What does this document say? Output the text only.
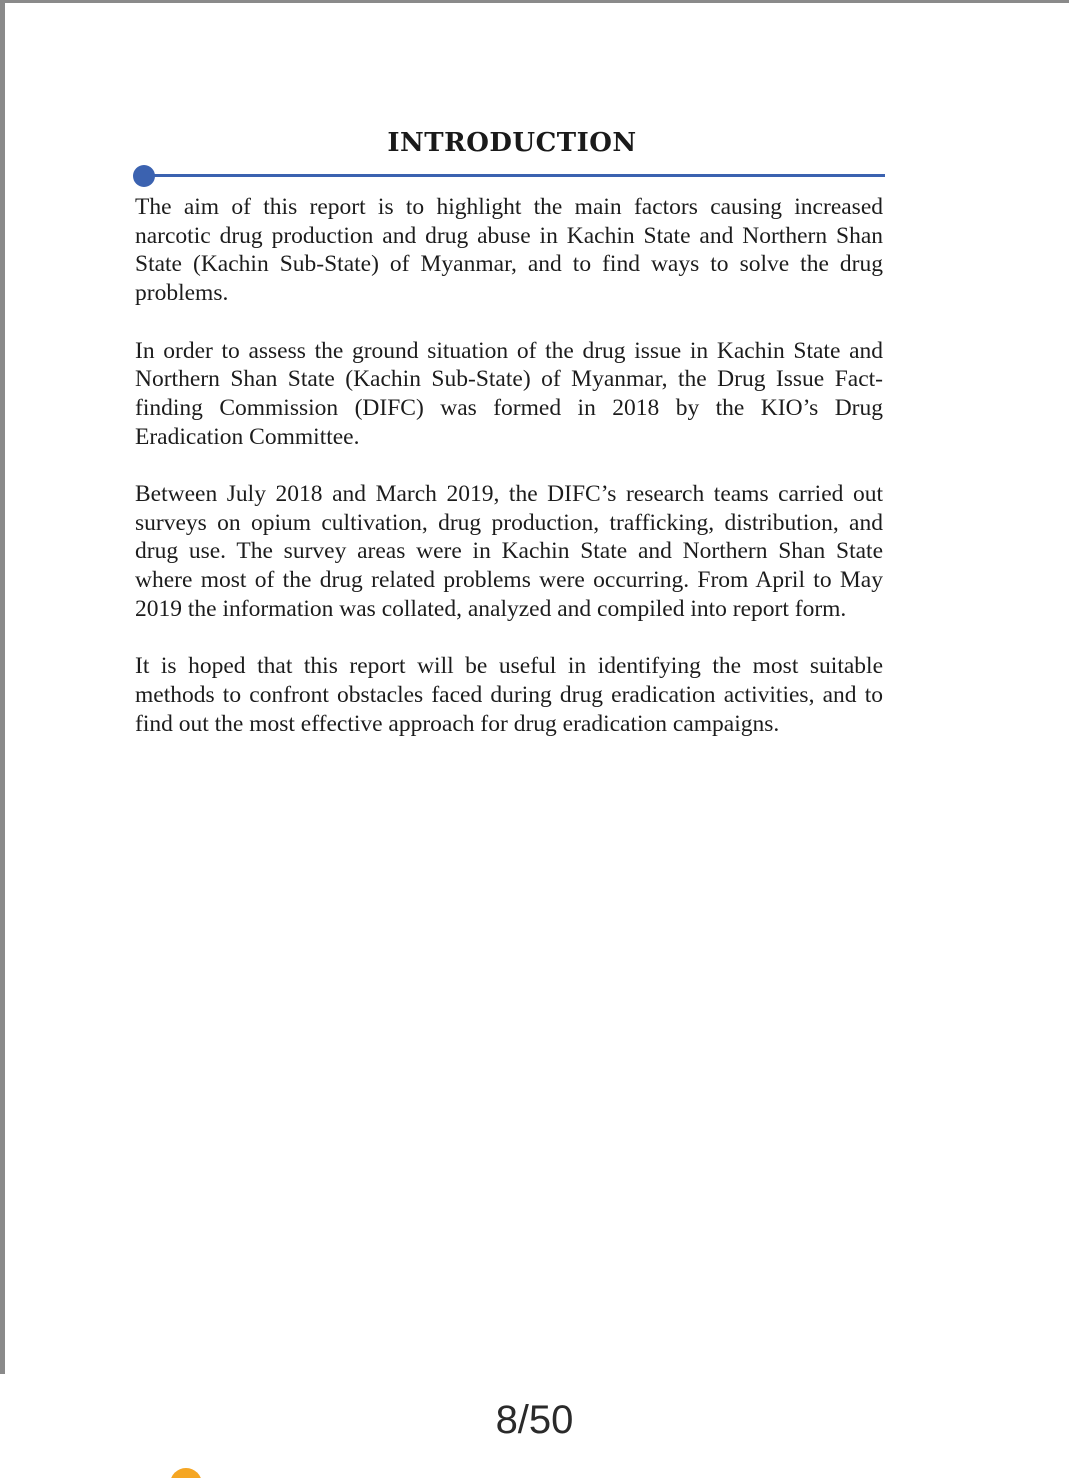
INTRODUCTION

The aim of this report is to highlight the main factors causing increased narcotic drug production and drug abuse in Kachin State and Northern Shan State (Kachin Sub-State) of Myanmar, and to find ways to solve the drug problems.

In order to assess the ground situation of the drug issue in Kachin State and Northern Shan State (Kachin Sub-State) of Myanmar, the Drug Issue Fact-finding Commission (DIFC) was formed in 2018 by the KIO’s Drug Eradication Committee.

Between July 2018 and March 2019, the DIFC’s research teams carried out surveys on opium cultivation, drug production, trafficking, distribution, and drug use. The survey areas were in Kachin State and Northern Shan State where most of the drug related problems were occurring. From April to May 2019 the information was collated, analyzed and compiled into report form.

It is hoped that this report will be useful in identifying the most suitable methods to confront obstacles faced during drug eradication activities, and to find out the most effective approach for drug eradication campaigns.

8/50
